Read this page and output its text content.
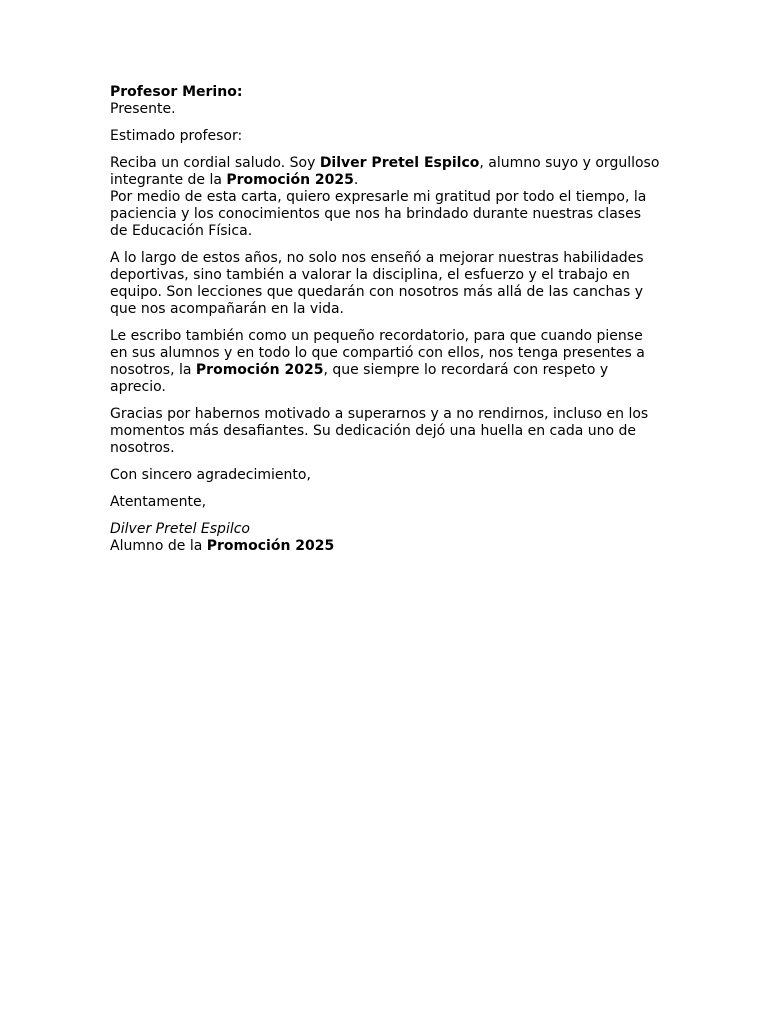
Profesor Merino:

Presente.

Estimado profesor:

Reciba un cordial saludo. Soy Dilver Pretel Espilco, alumno suyo y orgulloso integrante de la Promoción 2025.

Por medio de esta carta, quiero expresarle mi gratitud por todo el tiempo, la paciencia y los conocimientos que nos ha brindado durante nuestras clases de Educación Física.

A lo largo de estos años, no solo nos enseñó a mejorar nuestras habilidades deportivas, sino también a valorar la disciplina, el esfuerzo y el trabajo en equipo. Son lecciones que quedarán con nosotros más allá de las canchas y que nos acompañarán en la vida.

Le escribo también como un pequeño recordatorio, para que cuando piense en sus alumnos y en todo lo que compartió con ellos, nos tenga presentes a nosotros, la Promoción 2025, que siempre lo recordará con respeto y aprecio.

Gracias por habernos motivado a superarnos y a no rendirnos, incluso en los momentos más desafiantes. Su dedicación dejó una huella en cada uno de nosotros.

Con sincero agradecimiento,

Atentamente,

Dilver Pretel Espilco

Alumno de la Promoción 2025
